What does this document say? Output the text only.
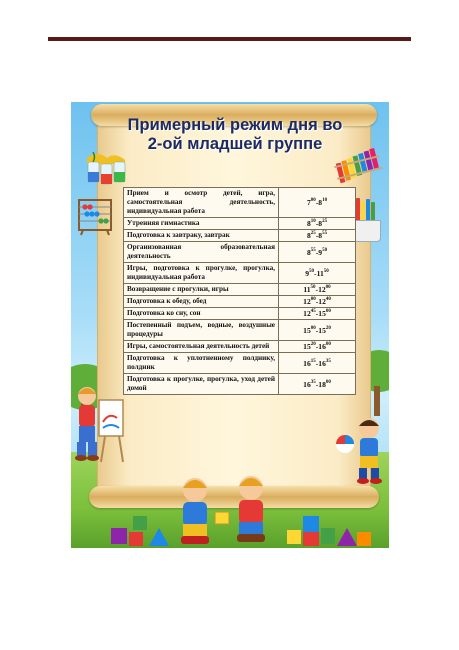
Примерный режим дня во
2-ой младшей группе
Прием и осмотр детей, игра, самостоятельная деятельность, индивидуальная работа	$7^{00}-8^{10}$
Утренняя гимнастика	$8^{10}-8^{25}$
Подготовка к завтраку, завтрак	$8^{25}-8^{55}$
Организованная образовательная деятельность	$8^{55}-9^{50}$
Игры, подготовка к прогулке, прогулка, индивидуальная работа	$9^{50}-11^{50}$
Возвращение с прогулки, игры	$11^{50}-12^{00}$
Подготовка к обеду, обед	$12^{00}-12^{40}$
Подготовка ко сну, сон	$12^{45}-15^{00}$
Постепенный подъем, водные, воздушные процедуры	$15^{00}-15^{20}$
Игры, самостоятельная деятельность детей	$15^{20}-16^{00}$
Подготовка к уплотненному полднику, полдник	$16^{15}-16^{35}$
Подготовка к прогулке, прогулка, уход детей домой	$16^{35}-18^{00}$
